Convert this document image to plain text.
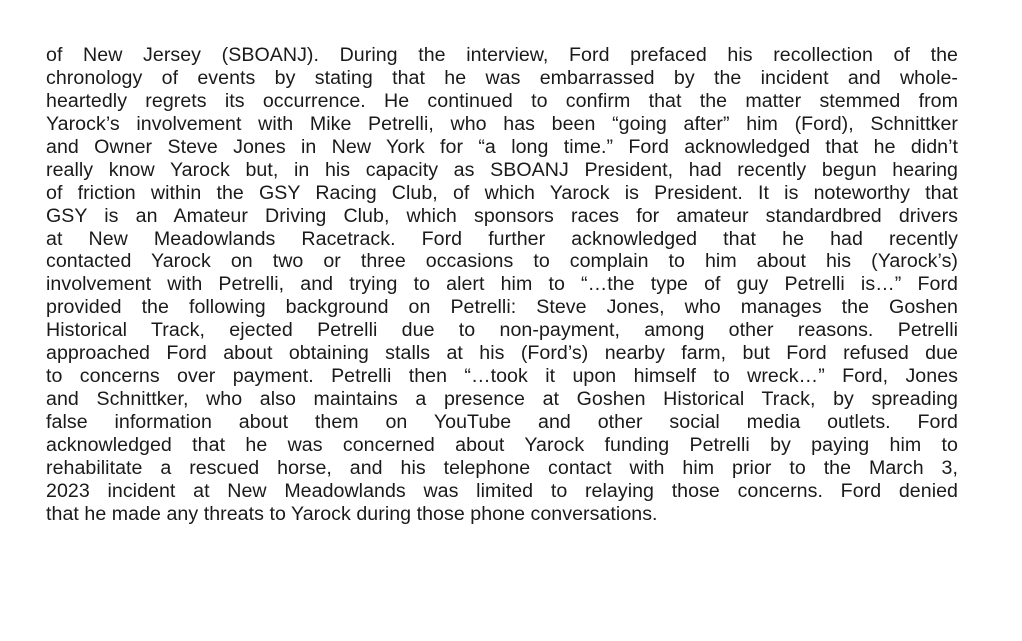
of New Jersey (SBOANJ). During the interview, Ford prefaced his recollection of the
chronology of events by stating that he was embarrassed by the incident and whole-
heartedly regrets its occurrence. He continued to confirm that the matter stemmed from
Yarock’s involvement with Mike Petrelli, who has been “going after” him (Ford), Schnittker
and Owner Steve Jones in New York for “a long time.” Ford acknowledged that he didn’t
really know Yarock but, in his capacity as SBOANJ President, had recently begun hearing
of friction within the GSY Racing Club, of which Yarock is President. It is noteworthy that
GSY is an Amateur Driving Club, which sponsors races for amateur standardbred drivers
at New Meadowlands Racetrack. Ford further acknowledged that he had recently
contacted Yarock on two or three occasions to complain to him about his (Yarock’s)
involvement with Petrelli, and trying to alert him to “…the type of guy Petrelli is…” Ford
provided the following background on Petrelli: Steve Jones, who manages the Goshen
Historical Track, ejected Petrelli due to non-payment, among other reasons. Petrelli
approached Ford about obtaining stalls at his (Ford’s) nearby farm, but Ford refused due
to concerns over payment. Petrelli then “…took it upon himself to wreck…” Ford, Jones
and Schnittker, who also maintains a presence at Goshen Historical Track, by spreading
false information about them on YouTube and other social media outlets. Ford
acknowledged that he was concerned about Yarock funding Petrelli by paying him to
rehabilitate a rescued horse, and his telephone contact with him prior to the March 3,
2023 incident at New Meadowlands was limited to relaying those concerns. Ford denied
that he made any threats to Yarock during those phone conversations.
